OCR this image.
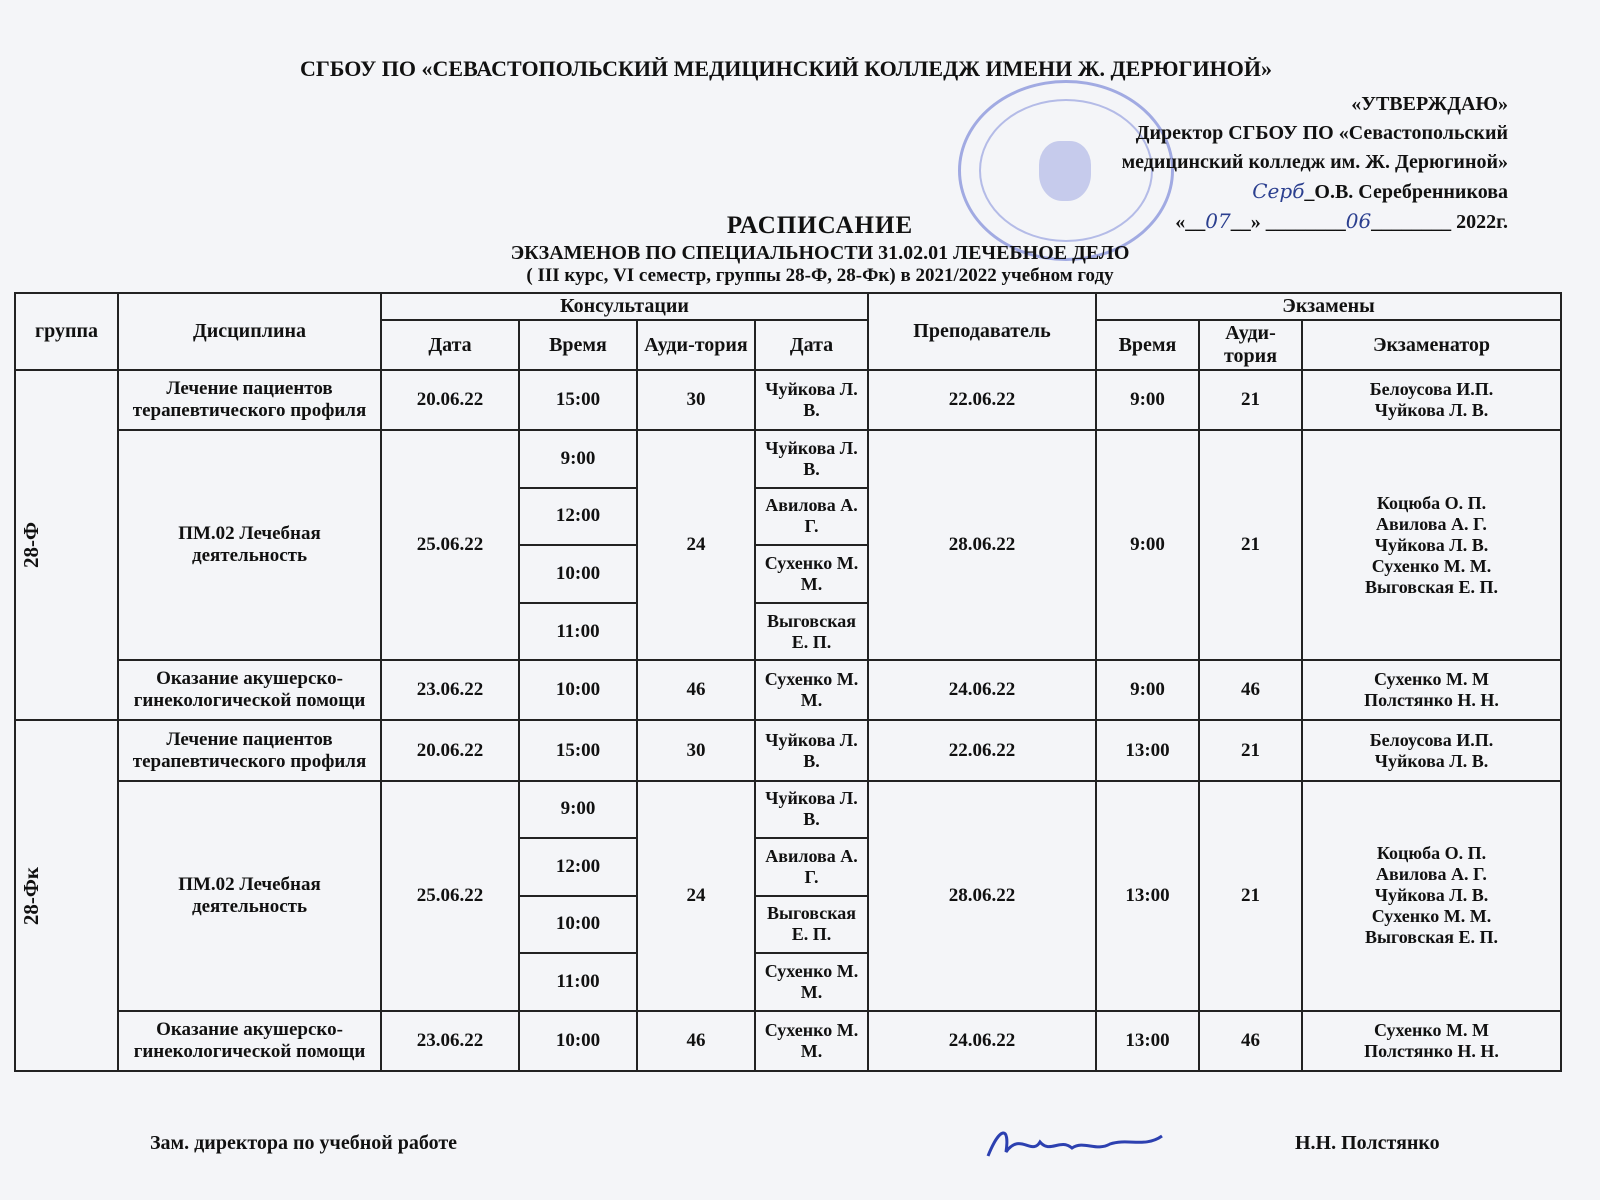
СГБОУ ПО «СЕВАСТОПОЛЬСКИЙ МЕДИЦИНСКИЙ КОЛЛЕДЖ ИМЕНИ Ж. ДЕРЮГИНОЙ»
«УТВЕРЖДАЮ»
Директор СГБОУ ПО «Севастопольский
медицинский колледж им. Ж. Дерюгиной»
Серб_О.В. Серебренникова
«__07__» ________06________ 2022г.
РАСПИСАНИЕ
ЭКЗАМЕНОВ ПО СПЕЦИАЛЬНОСТИ 31.02.01 ЛЕЧЕБНОЕ ДЕЛО
( III курс, VI семестр, группы 28-Ф, 28-Фк) в 2021/2022 учебном году
группа	Дисциплина	Консультации				Преподаватель	Экзамены		
		Дата	Время	Ауди-тория	Дата		Время	Ауди-тория	Экзаменатор

28-Ф	Лечение пациентов терапевтического профиля	20.06.22	15:00	30	Чуйкова Л. В.	22.06.22	9:00	21	Белоусова И.П.
Чуйкова Л. В.

	ПМ.02 Лечебная деятельность	25.06.22	9:00	24	Чуйкова Л. В.	28.06.22	9:00	21	Коцюба О. П.
Авилова А. Г.
Чуйкова Л. В.
Сухенко М. М.
Выговская Е. П.

			12:00		Авилова А. Г.				
			10:00		Сухенко М. М.				
			11:00		Выговская Е. П.				
	Оказание акушерско-гинекологической помощи	23.06.22	10:00	46	Сухенко М. М.	24.06.22	9:00	46	Сухенко М. М
Полстянко Н. Н.

28-Фк	Лечение пациентов терапевтического профиля	20.06.22	15:00	30	Чуйкова Л. В.	22.06.22	13:00	21	Белоусова И.П.
Чуйкова Л. В.

	ПМ.02 Лечебная деятельность	25.06.22	9:00	24	Чуйкова Л. В.	28.06.22	13:00	21	Коцюба О. П.
Авилова А. Г.
Чуйкова Л. В.
Сухенко М. М.
Выговская Е. П.

			12:00		Авилова А. Г.				
			10:00		Выговская Е. П.				
			11:00		Сухенко М. М.				
	Оказание акушерско-гинекологической помощи	23.06.22	10:00	46	Сухенко М. М.	24.06.22	13:00	46	Сухенко М. М
Полстянко Н. Н.
Зам. директора по учебной работе	Н.Н. Полстянко
